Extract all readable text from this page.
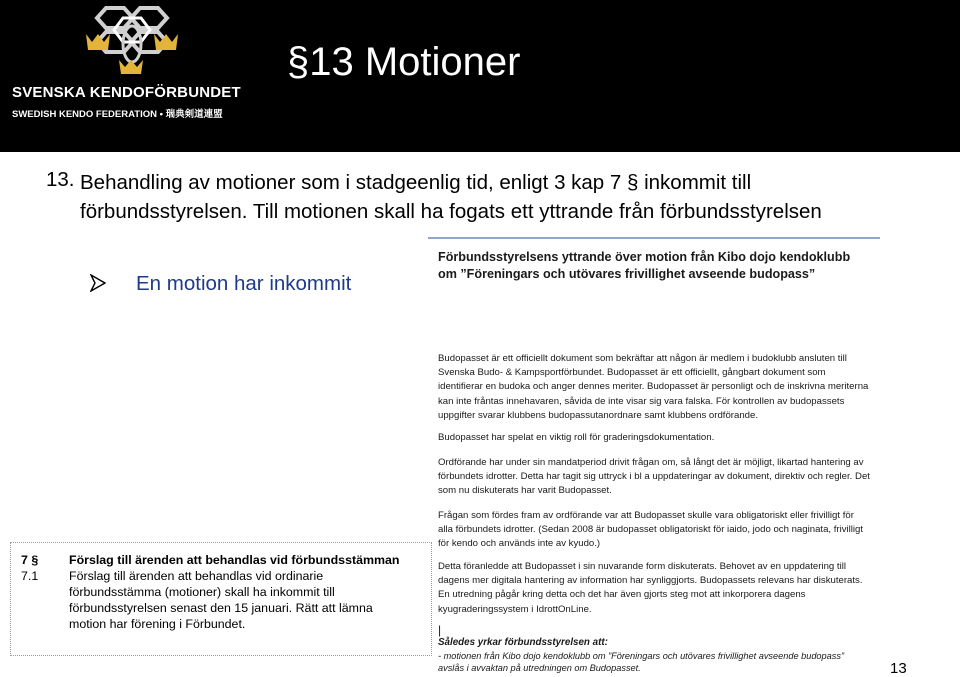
SVENSKA KENDOFÖRBUNDET
SWEDISH KENDO FEDERATION • 瑞典剣道連盟
§13 Motioner
13. Behandling av motioner som i stadgeenlig tid, enligt 3 kap 7 § inkommit till förbundsstyrelsen. Till motionen skall ha fogats ett yttrande från förbundsstyrelsen
En motion har inkommit
Förbundsstyrelsens yttrande över motion från Kibo dojo kendoklubb om ”Föreningars och utövares frivillighet avseende budopass”
Budopasset är ett officiellt dokument som bekräftar att någon är medlem i budoklubb ansluten till Svenska Budo- & Kampsportförbundet. Budopasset är ett officiellt, gångbart dokument som identifierar en budoka och anger dennes meriter. Budopasset är personligt och de inskrivna meriterna kan inte fråntas innehavaren, såvida de inte visar sig vara falska. För kontrollen av budopassets uppgifter svarar klubbens budopassutanordnare samt klubbens ordförande.
Budopasset har spelat en viktig roll för graderingsdokumentation.
Ordförande har under sin mandatperiod drivit frågan om, så långt det är möjligt, likartad hantering av förbundets idrotter. Detta har tagit sig uttryck i bl a uppdateringar av dokument, direktiv och regler. Det som nu diskuterats har varit Budopasset.
Frågan som fördes fram av ordförande var att Budopasset skulle vara obligatoriskt eller frivilligt för alla förbundets idrotter. (Sedan 2008 är budopasset obligatoriskt för iaido, jodo och naginata, frivilligt för kendo och används inte av kyudo.)
Detta föranledde att Budopasset i sin nuvarande form diskuterats. Behovet av en uppdatering till dagens mer digitala hantering av information har synliggjorts. Budopassets relevans har diskuterats. En utredning pågår kring detta och det har även gjorts steg mot att inkorporera dagens kyugraderingssystem i IdrottOnLine.
|
Således yrkar förbundsstyrelsen att:
- motionen från Kibo dojo kendoklubb om ”Föreningars och utövares frivillighet avseende budopass” avslås i avvaktan på utredningen om Budopasset.
7 § Förslag till ärenden att behandlas vid förbundsstämman
7.1 Förslag till ärenden att behandlas vid ordinarie
förbundsstämma (motioner) skall ha inkommit till
förbundsstyrelsen senast den 15 januari. Rätt att lämna
motion har förening i Förbundet.
13
